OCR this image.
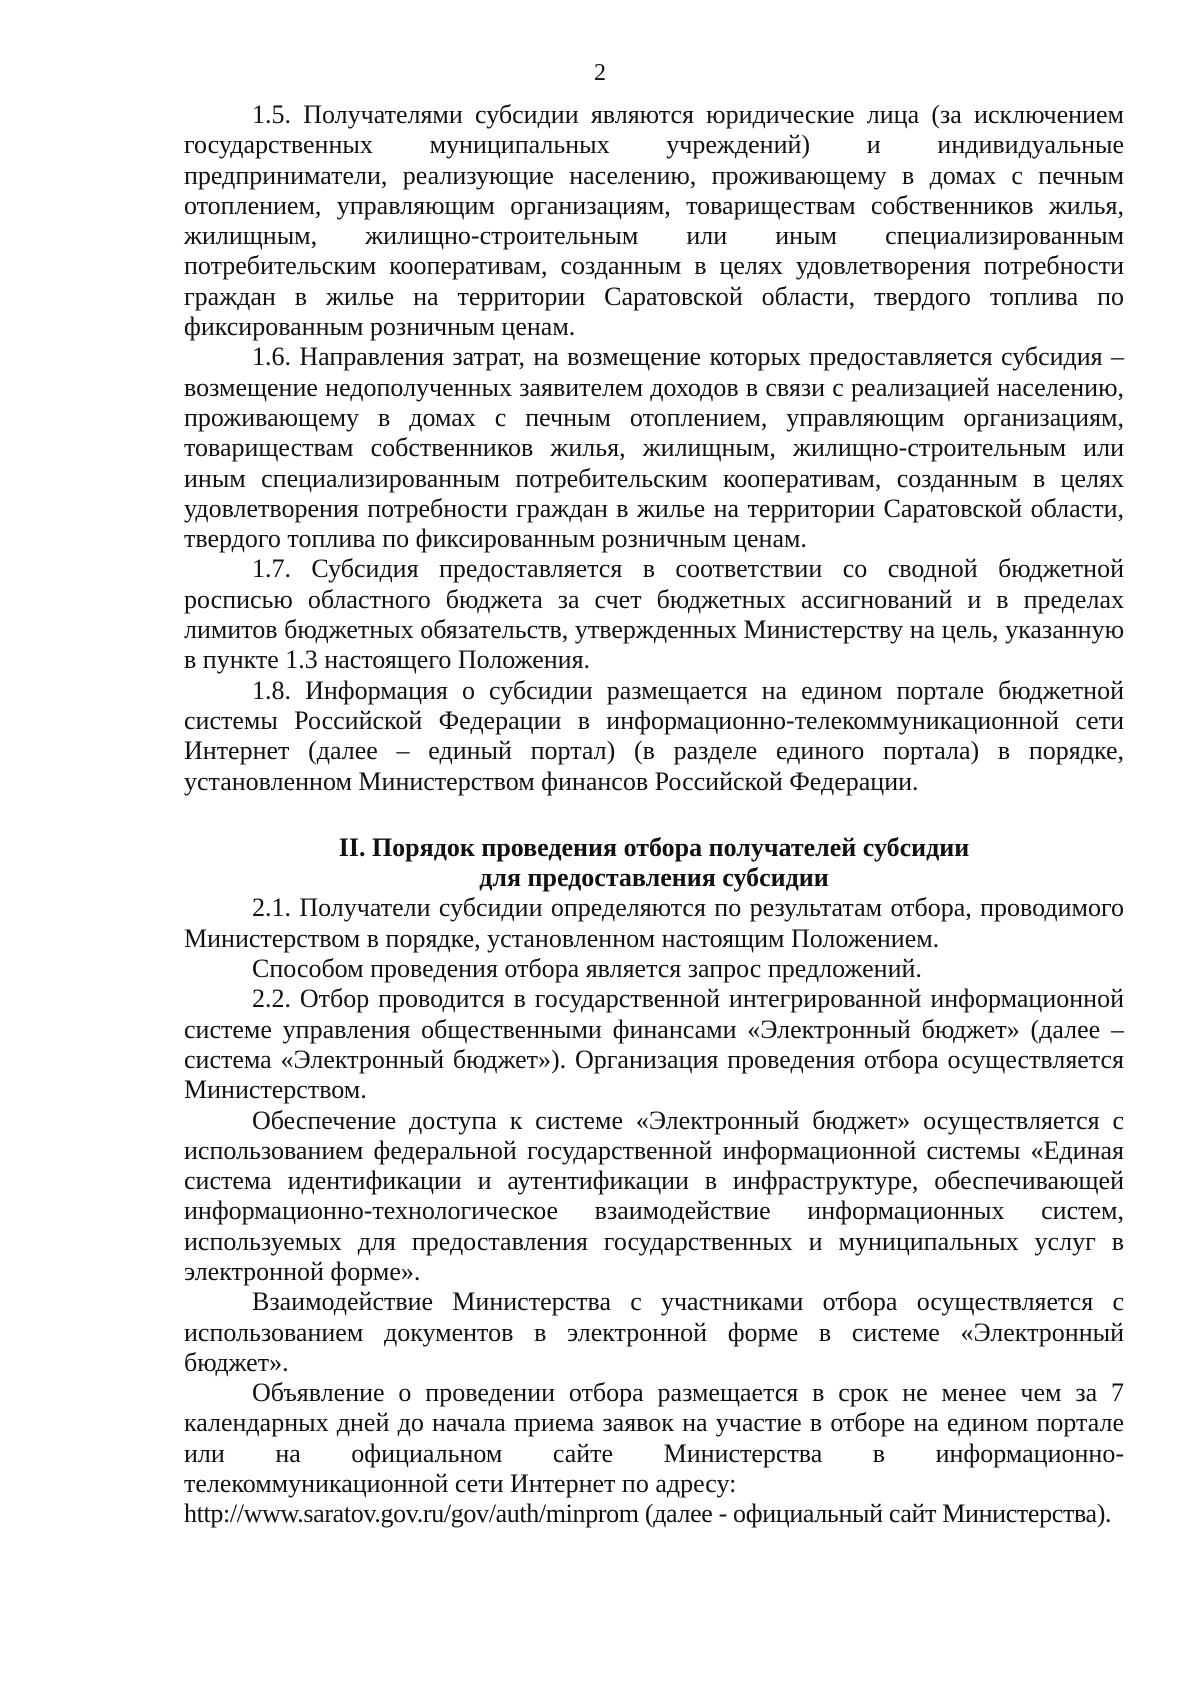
2

1.5. Получателями субсидии являются юридические лица (за исключением государственных муниципальных учреждений) и индивидуальные предприниматели, реализующие населению, проживающему в домах с печным отоплением, управляющим организациям, товариществам собственников жилья, жилищным, жилищно-строительным или иным специализированным потребительским кооперативам, созданным в целях удовлетворения потребности граждан в жилье на территории Саратовской области, твердого топлива по фиксированным розничным ценам.

1.6. Направления затрат, на возмещение которых предоставляется субсидия – возмещение недополученных заявителем доходов в связи с реализацией населению, проживающему в домах с печным отоплением, управляющим организациям, товариществам собственников жилья, жилищным, жилищно-строительным или иным специализированным потребительским кооперативам, созданным в целях удовлетворения потребности граждан в жилье на территории Саратовской области, твердого топлива по фиксированным розничным ценам.

1.7. Субсидия предоставляется в соответствии со сводной бюджетной росписью областного бюджета за счет бюджетных ассигнований и в пределах лимитов бюджетных обязательств, утвержденных Министерству на цель, указанную в пункте 1.3 настоящего Положения.

1.8. Информация о субсидии размещается на едином портале бюджетной системы Российской Федерации в информационно-телекоммуникационной сети Интернет (далее – единый портал) (в разделе единого портала) в порядке, установленном Министерством финансов Российской Федерации.

II. Порядок проведения отбора получателей субсидии
для предоставления субсидии

2.1. Получатели субсидии определяются по результатам отбора, проводимого Министерством в порядке, установленном настоящим Положением.

Способом проведения отбора является запрос предложений.

2.2. Отбор проводится в государственной интегрированной информационной системе управления общественными финансами «Электронный бюджет» (далее – система «Электронный бюджет»). Организация проведения отбора осуществляется Министерством.

Обеспечение доступа к системе «Электронный бюджет» осуществляется с использованием федеральной государственной информационной системы «Единая система идентификации и аутентификации в инфраструктуре, обеспечивающей информационно-технологическое взаимодействие информационных систем, используемых для предоставления государственных и муниципальных услуг в электронной форме».

Взаимодействие Министерства с участниками отбора осуществляется с использованием документов в электронной форме в системе «Электронный бюджет».

Объявление о проведении отбора размещается в срок не менее чем за 7 календарных дней до начала приема заявок на участие в отборе на едином портале или на официальном сайте Министерства в информационно-телекоммуникационной сети Интернет по адресу:

http://www.saratov.gov.ru/gov/auth/minprom (далее - официальный сайт Министерства).
